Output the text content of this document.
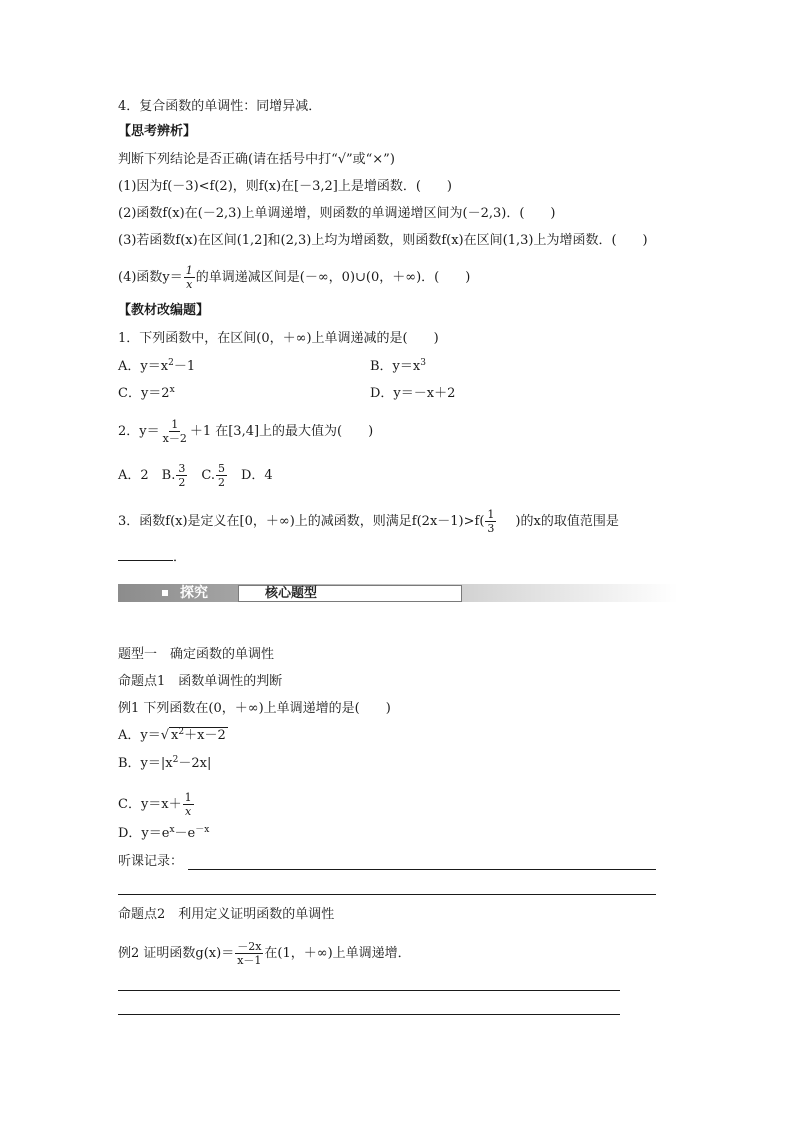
4．复合函数的单调性：同增异减．
【思考辨析】
判断下列结论是否正确(请在括号中打“√”或“×”)
(1)因为f(－3)<f(2)，则f(x)在[－3,2]上是增函数．(　　)
(2)函数f(x)在(－2,3)上单调递增，则函数的单调递增区间为(－2,3)．(　　)
(3)若函数f(x)在区间(1,2]和(2,3)上均为增函数，则函数f(x)在区间(1,3)上为增函数．(　　)
(4)函数$y= \frac{1}{x}$ 的单调递减区间是(－∞，0)∪(0，＋∞)．(　　)
【教材改编题】
1．下列函数中，在区间(0，＋∞)上单调递减的是(　　)
A．$y=x^2-1$	B．$y=x^3$
C．$y=2^x$	D．y＝－x＋2
2．$y= \frac{1}{x-2} +1$ 在[3,4]上的最大值为(　　)
A．2　B. $\frac{3}{2}$ 　C. $\frac{5}{2}$ 　D．4
3．函数f(x)是定义在[0，＋∞)上的减函数，则满足$f(2x-1)>f( \frac{1}{3}$ )的x的取值范围是
．
探究	核心题型
题型一　确定函数的单调性
命题点1　函数单调性的判断
例1 下列函数在(0，＋∞)上单调递增的是(　　)
A．y＝√ $x^2+x-2$
B．$y=|x^2-2x|$
C．$y=x+ \frac{1}{x}$
D．$y=e^x-e^{-x}$
听课记录：
命题点2　利用定义证明函数的单调性
例2 证明函数$g(x)= \frac{-2x}{x-1}$ 在(1，＋∞)上单调递增．
